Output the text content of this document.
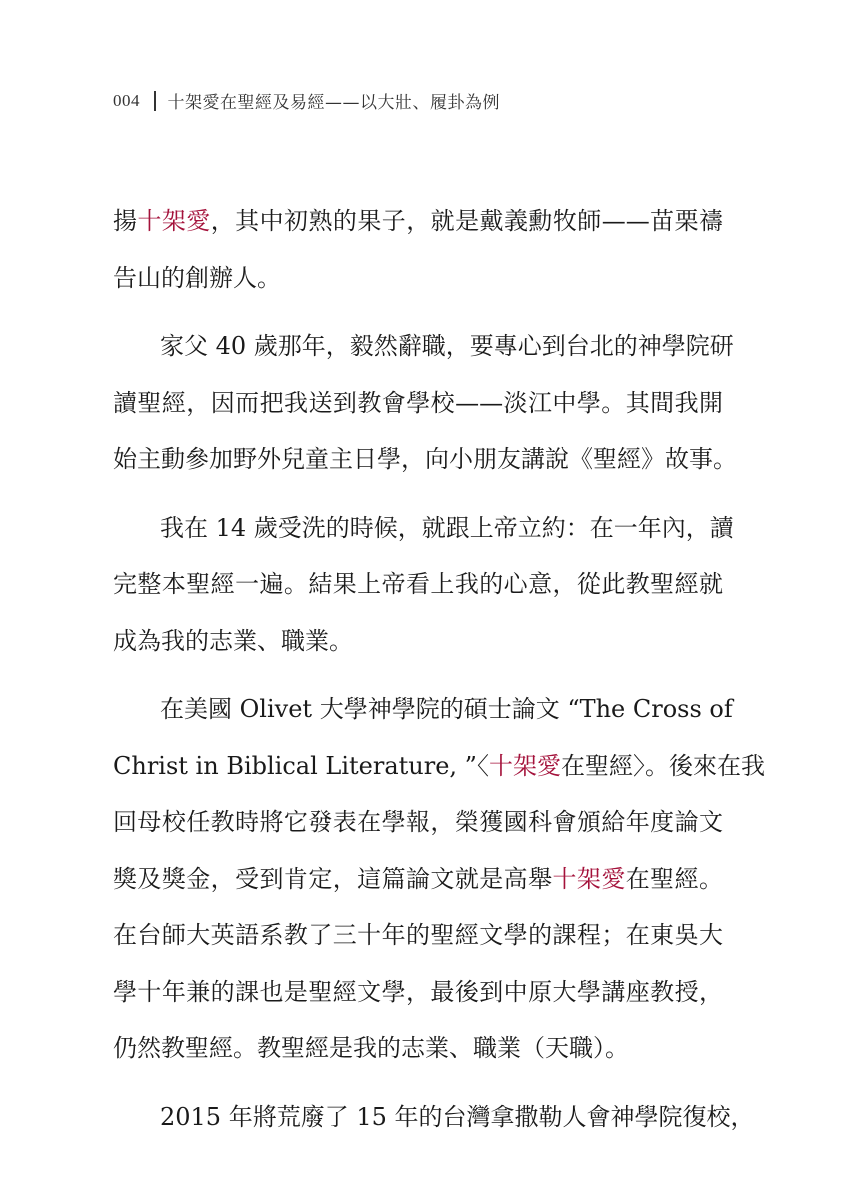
004 十架愛在聖經及易經——以大壯、履卦為例
揚十架愛，其中初熟的果子，就是戴義勳牧師——苗栗禱
告山的創辦人。
家父 40 歲那年，毅然辭職，要專心到台北的神學院研
讀聖經，因而把我送到教會學校——淡江中學。其間我開
始主動參加野外兒童主日學，向小朋友講說《聖經》故事。
我在 14 歲受洗的時候，就跟上帝立約：在一年內，讀
完整本聖經一遍。結果上帝看上我的心意，從此教聖經就
成為我的志業、職業。
在美國 Olivet 大學神學院的碩士論文 “The Cross of
Christ in Biblical Literature, ”〈十架愛在聖經〉。後來在我
回母校任教時將它發表在學報，榮獲國科會頒給年度論文
獎及獎金，受到肯定，這篇論文就是高舉十架愛在聖經。
在台師大英語系教了三十年的聖經文學的課程；在東吳大
學十年兼的課也是聖經文學，最後到中原大學講座教授，
仍然教聖經。教聖經是我的志業、職業（天職）。
2015 年將荒廢了 15 年的台灣拿撒勒人會神學院復校，
